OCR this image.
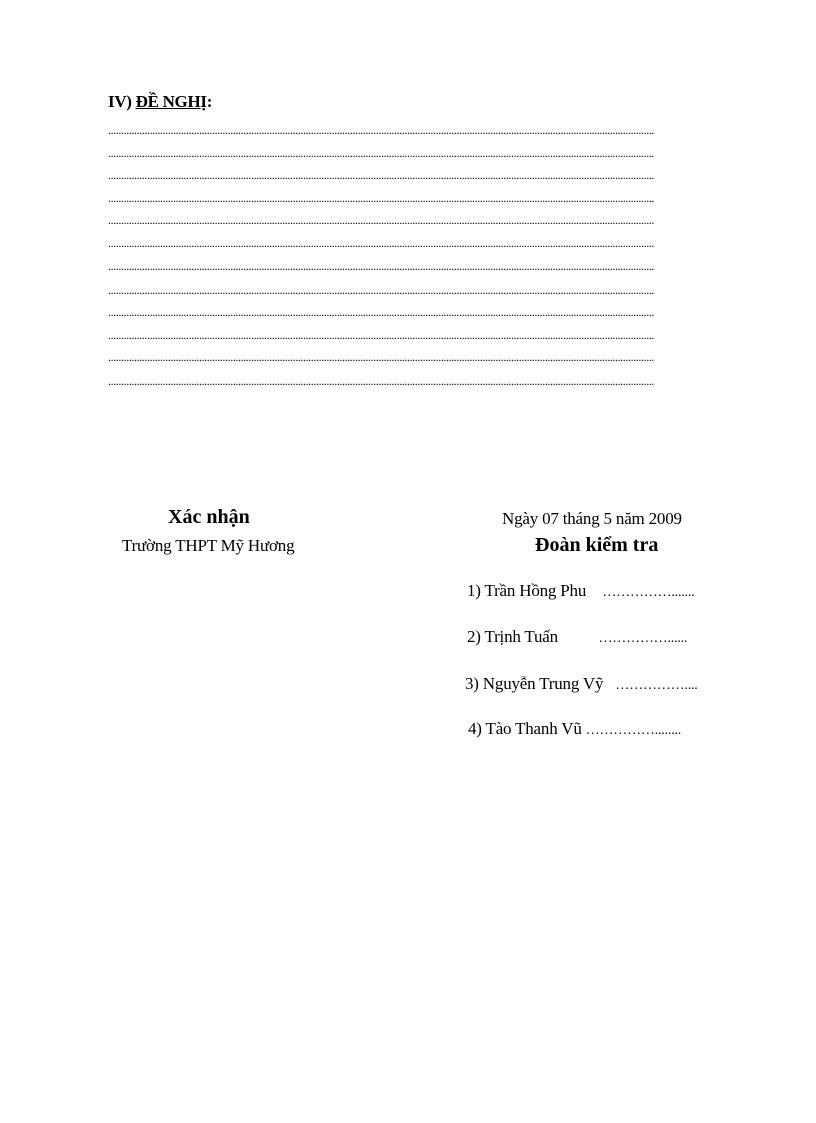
IV) ĐỀ NGHỊ:
..................................................................................................................................................................................................................
..................................................................................................................................................................................................................
..................................................................................................................................................................................................................
..................................................................................................................................................................................................................
..................................................................................................................................................................................................................
..................................................................................................................................................................................................................
..................................................................................................................................................................................................................
..................................................................................................................................................................................................................
..................................................................................................................................................................................................................
..................................................................................................................................................................................................................
..................................................................................................................................................................................................................
..................................................................................................................................................................................................................
Xác nhận
Trường THPT Mỹ Hương
Ngày 07 tháng 5 năm 2009
Đoàn kiểm tra
1) Trần Hồng Phu …………….......
2) Trịnh Tuấn	……………......
3) Nguyễn Trung Vỹ ……………....
4) Tào Thanh Vũ ……………........
